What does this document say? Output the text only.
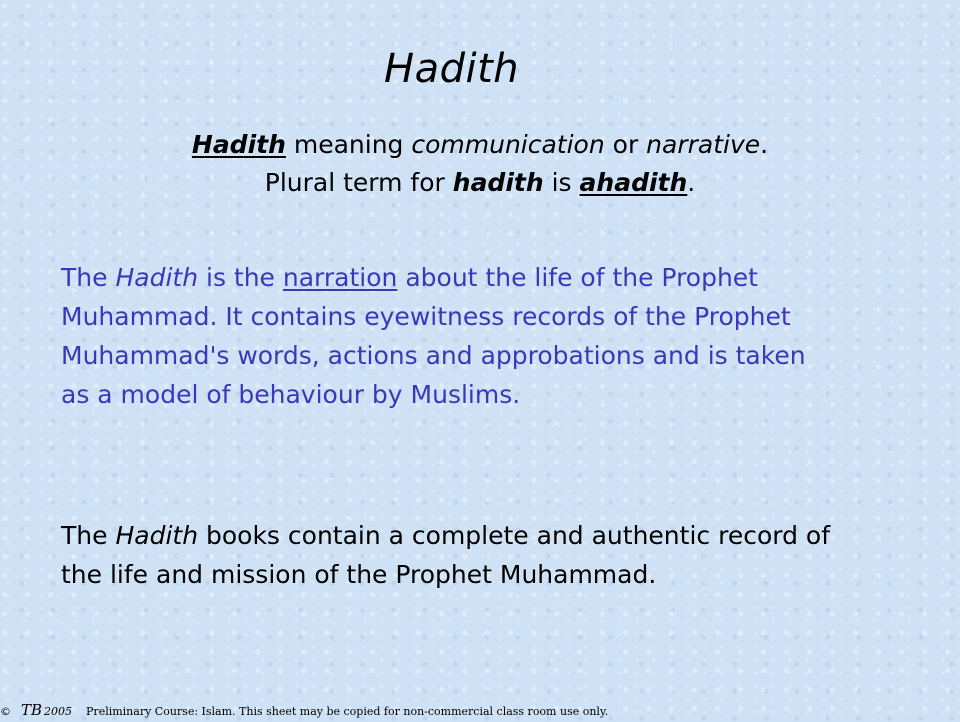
Hadith
Hadith meaning communication or narrative.
Plural term for hadith is ahadith.

The Hadith is the narration about the life of the Prophet Muhammad. It contains eyewitness records of the Prophet Muhammad's words, actions and approbations and is taken as a model of behaviour by Muslims.

The Hadith books contain a complete and authentic record of the life and mission of the Prophet Muhammad.

© TB 2005 Preliminary Course: Islam. This sheet may be copied for non-commercial class room use only.
